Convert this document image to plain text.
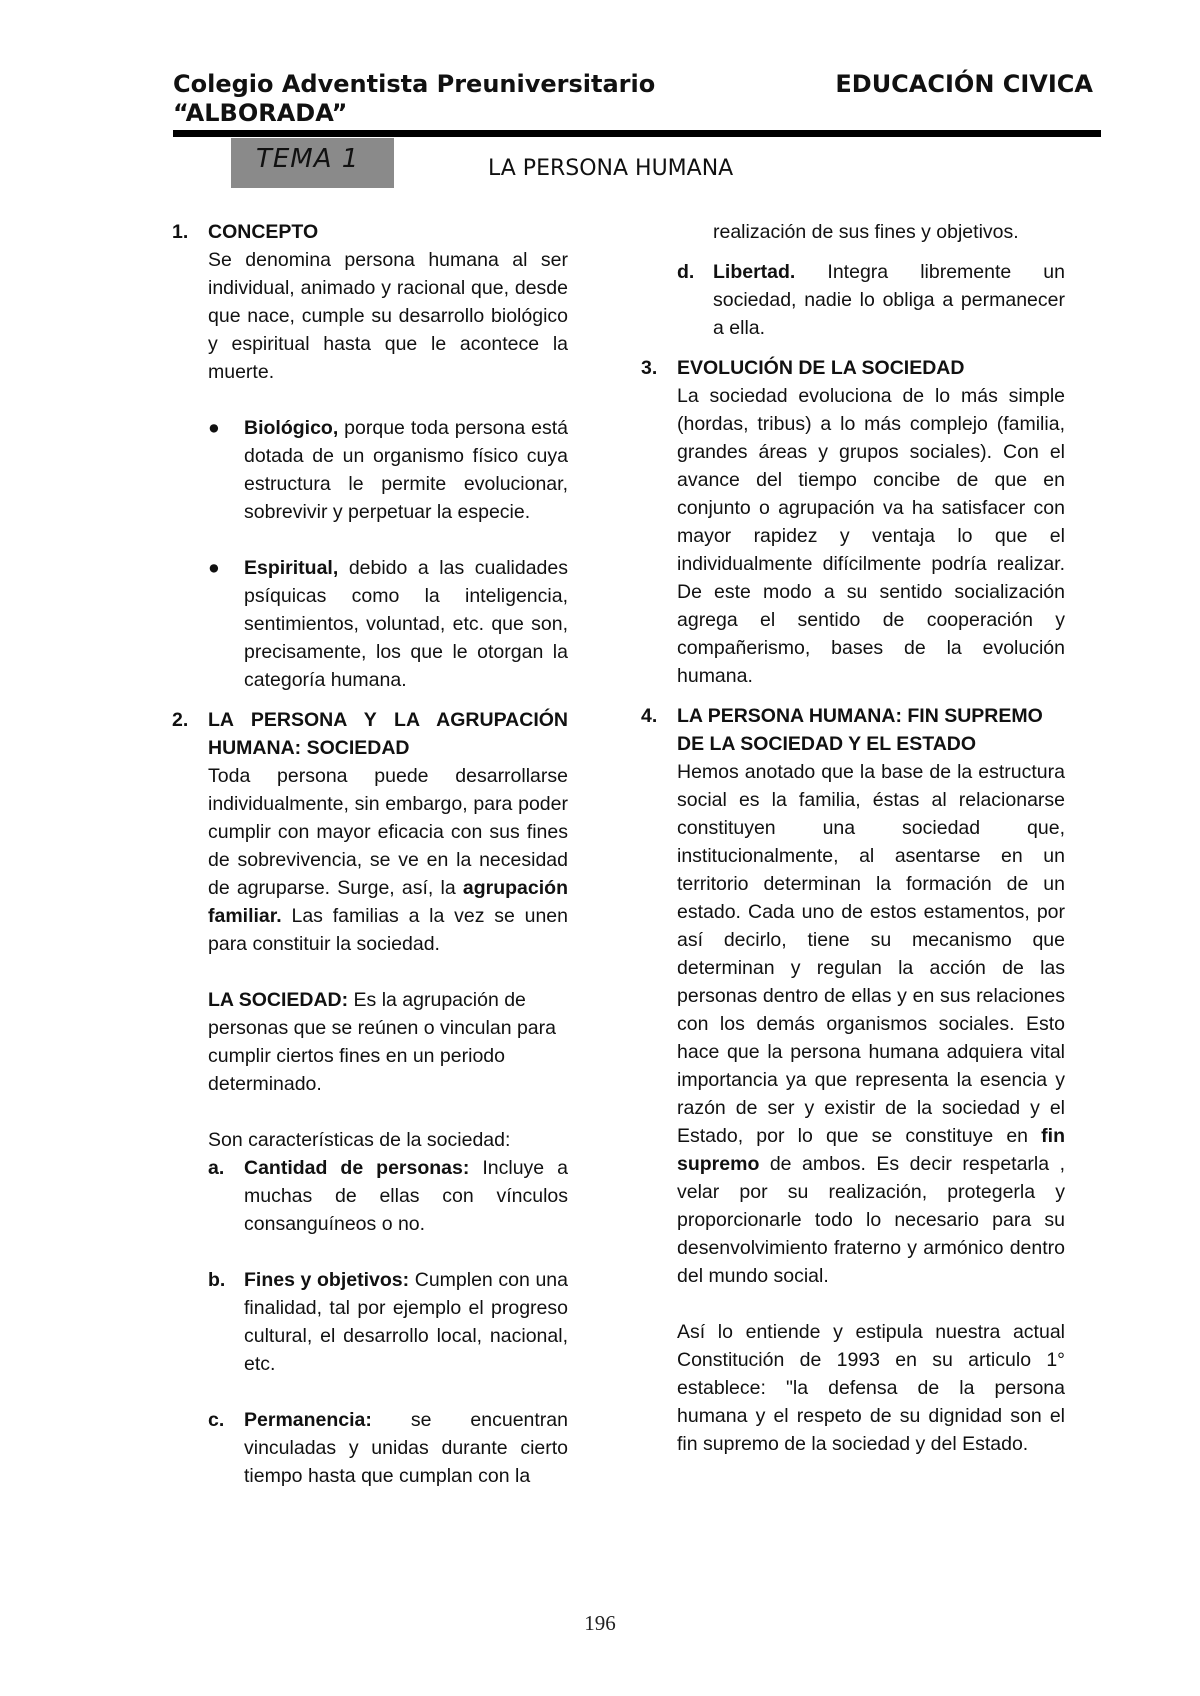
Colegio Adventista Preuniversitario
“ALBORADA”
EDUCACIÓN CIVICA
TEMA 1	LA PERSONA HUMANA
1. CONCEPTO

Se denomina persona humana al ser individual, animado y racional que, desde que nace, cumple su desarrollo biológico y espiritual hasta que le acontece la muerte.

● Biológico, porque toda persona está dotada de un organismo físico cuya estructura le permite evolucionar, sobrevivir y perpetuar la especie.

● Espiritual, debido a las cualidades psíquicas como la inteligencia, sentimientos, voluntad, etc. que son, precisamente, los que le otorgan la categoría humana.

2. LA PERSONA Y LA AGRUPACIÓN HUMANA: SOCIEDAD

Toda persona puede desarrollarse individualmente, sin embargo, para poder cumplir con mayor eficacia con sus fines de sobrevivencia, se ve en la necesidad de agruparse. Surge, así, la agrupación familiar. Las familias a la vez se unen para constituir la sociedad.

LA SOCIEDAD: Es la agrupación de personas que se reúnen o vinculan para cumplir ciertos fines en un periodo determinado.

Son características de la sociedad:

a. Cantidad de personas: Incluye a muchas de ellas con vínculos consanguíneos o no.

b. Fines y objetivos: Cumplen con una finalidad, tal por ejemplo el progreso cultural, el desarrollo local, nacional, etc.

c. Permanencia: se encuentran vinculadas y unidas durante cierto tiempo hasta que cumplan con la

realización de sus fines y objetivos.

d. Libertad. Integra libremente un sociedad, nadie lo obliga a permanecer a ella.

3. EVOLUCIÓN DE LA SOCIEDAD

La sociedad evoluciona de lo más simple (hordas, tribus) a lo más complejo (familia, grandes áreas y grupos sociales). Con el avance del tiempo concibe de que en conjunto o agrupación va ha satisfacer con mayor rapidez y ventaja lo que el individualmente difícilmente podría realizar. De este modo a su sentido socialización agrega el sentido de cooperación y compañerismo, bases de la evolución humana.

4. LA PERSONA HUMANA: FIN SUPREMO DE LA SOCIEDAD Y EL ESTADO

Hemos anotado que la base de la estructura social es la familia, éstas al relacionarse constituyen una sociedad que, institucionalmente, al asentarse en un territorio determinan la formación de un estado. Cada uno de estos estamentos, por así decirlo, tiene su mecanismo que determinan y regulan la acción de las personas dentro de ellas y en sus relaciones con los demás organismos sociales. Esto hace que la persona humana adquiera vital importancia ya que representa la esencia y razón de ser y existir de la sociedad y el Estado, por lo que se constituye en fin supremo de ambos. Es decir respetarla , velar por su realización, protegerla y proporcionarle todo lo necesario para su desenvolvimiento fraterno y armónico dentro del mundo social.

Así lo entiende y estipula nuestra actual Constitución de 1993 en su articulo 1° establece: "la defensa de la persona humana y el respeto de su dignidad son el fin supremo de la sociedad y del Estado.

196
